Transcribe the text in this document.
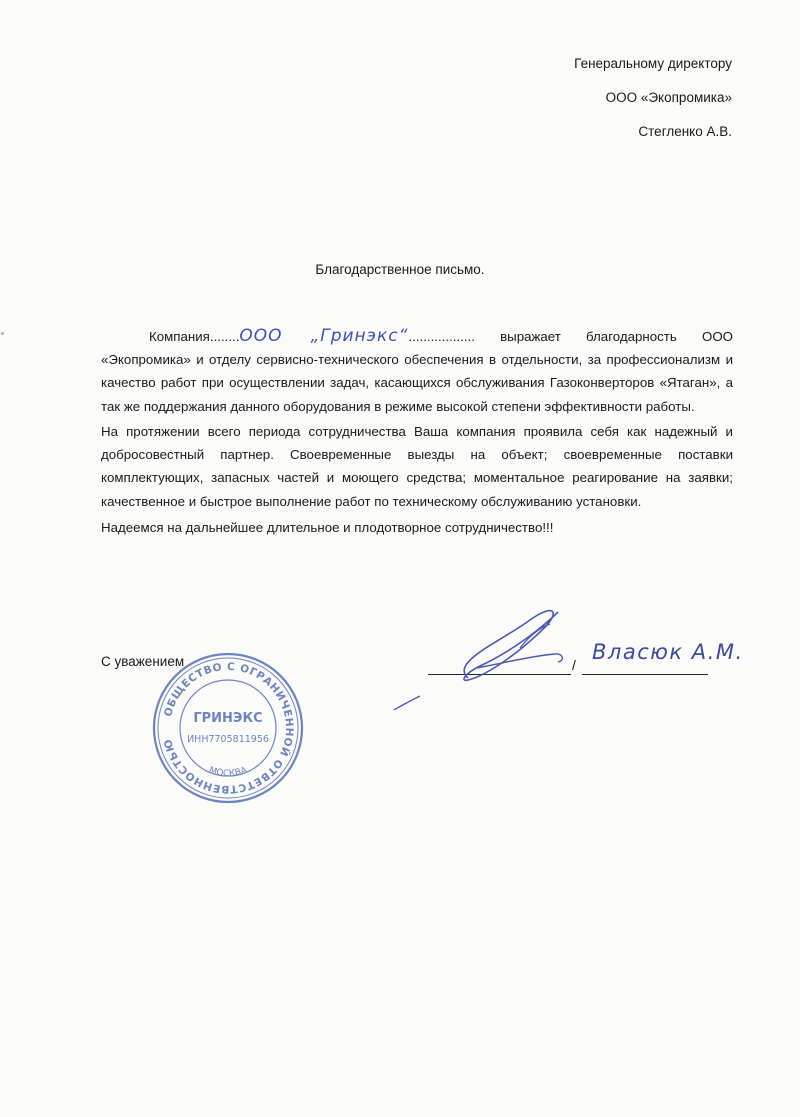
Генеральному директору
ООО «Экопромика»
Стегленко А.В.
Благодарственное письмо.
Компания........ООО „Гринэкс“.................. выражает благодарность ООО «Экопромика» и отделу сервисно-технического обеспечения в отдельности, за профессионализм и качество работ при осуществлении задач, касающихся обслуживания Газоконверторов «Ятаган», а так же поддержания данного оборудования в режиме высокой степени эффективности работы.
На протяжении всего периода сотрудничества Ваша компания проявила себя как надежный и добросовестный партнер. Своевременные выезды на объект; своевременные поставки комплектующих, запасных частей и моющего средства; моментальное реагирование на заявки; качественное и быстрое выполнение работ по техническому обслуживанию установки.
Надеемся на дальнейшее длительное и плодотворное сотрудничество!!!
С уважением	/
Власюк А.М.
ОБЩЕСТВО С ОГРАНИЧЕННОЙ ОТВЕТСТВЕННОСТЬЮ
ГРИНЭКС
ИНН7705811956
МОСКВА
